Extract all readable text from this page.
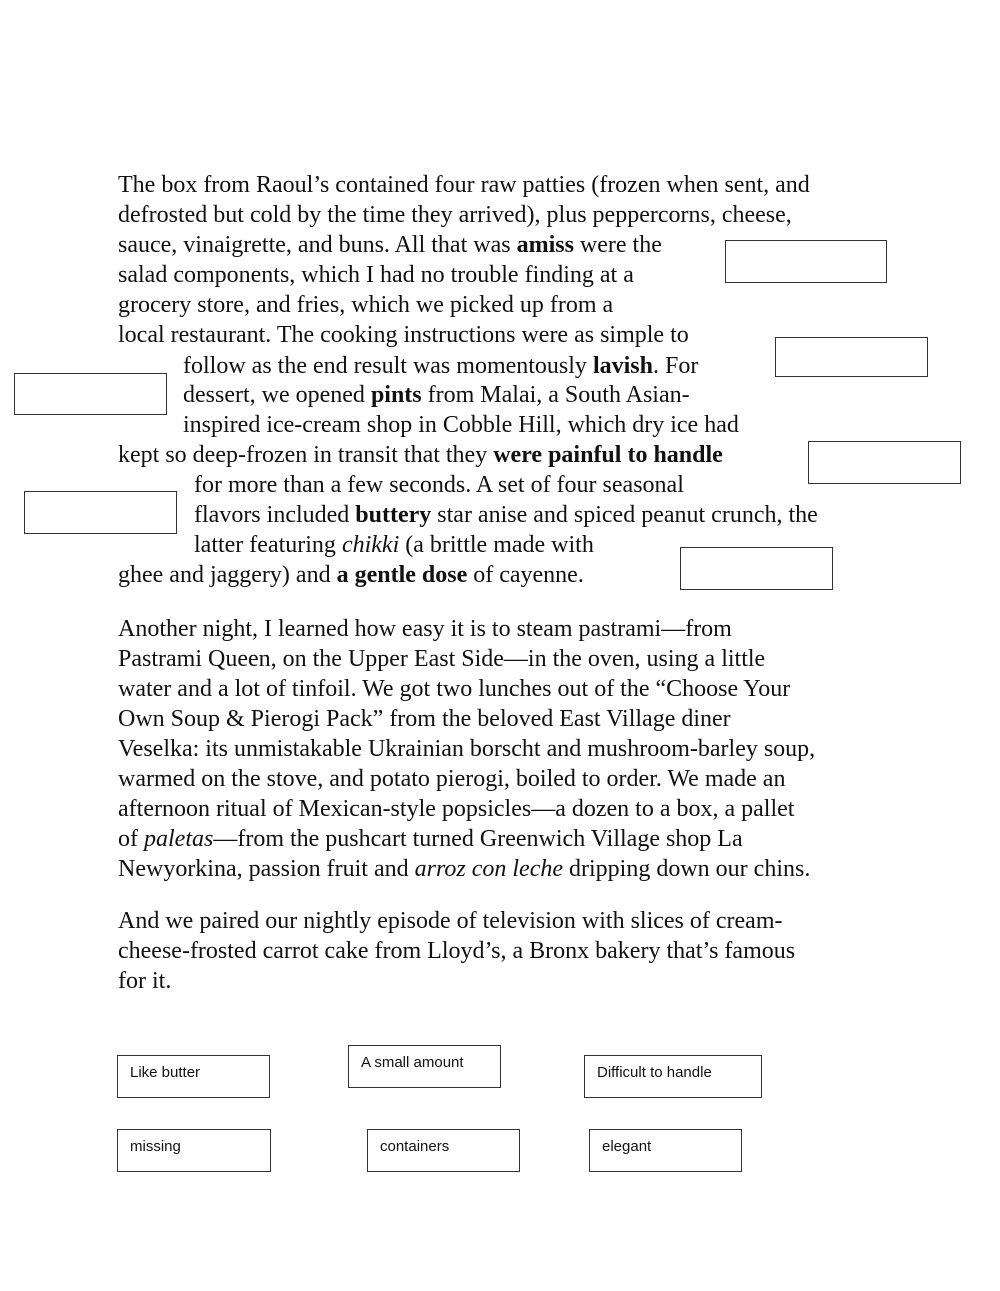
The box from Raoul’s contained four raw patties (frozen when sent, and
defrosted but cold by the time they arrived), plus peppercorns, cheese,
sauce, vinaigrette, and buns. All that was amiss were the
salad components, which I had no trouble finding at a
grocery store, and fries, which we picked up from a
local restaurant. The cooking instructions were as simple to
follow as the end result was momentously lavish. For
dessert, we opened pints from Malai, a South Asian-
inspired ice-cream shop in Cobble Hill, which dry ice had
kept so deep-frozen in transit that they were painful to handle
for more than a few seconds. A set of four seasonal
flavors included buttery star anise and spiced peanut crunch, the
latter featuring chikki (a brittle made with
ghee and jaggery) and a gentle dose of cayenne.
Another night, I learned how easy it is to steam pastrami—from
Pastrami Queen, on the Upper East Side—in the oven, using a little
water and a lot of tinfoil. We got two lunches out of the “Choose Your
Own Soup & Pierogi Pack” from the beloved East Village diner
Veselka: its unmistakable Ukrainian borscht and mushroom-barley soup,
warmed on the stove, and potato pierogi, boiled to order. We made an
afternoon ritual of Mexican-style popsicles—a dozen to a box, a pallet
of paletas—from the pushcart turned Greenwich Village shop La
Newyorkina, passion fruit and arroz con leche dripping down our chins.
And we paired our nightly episode of television with slices of cream-
cheese-frosted carrot cake from Lloyd’s, a Bronx bakery that’s famous
for it.
Like butter
A small amount
Difficult to handle
missing	containers	elegant
